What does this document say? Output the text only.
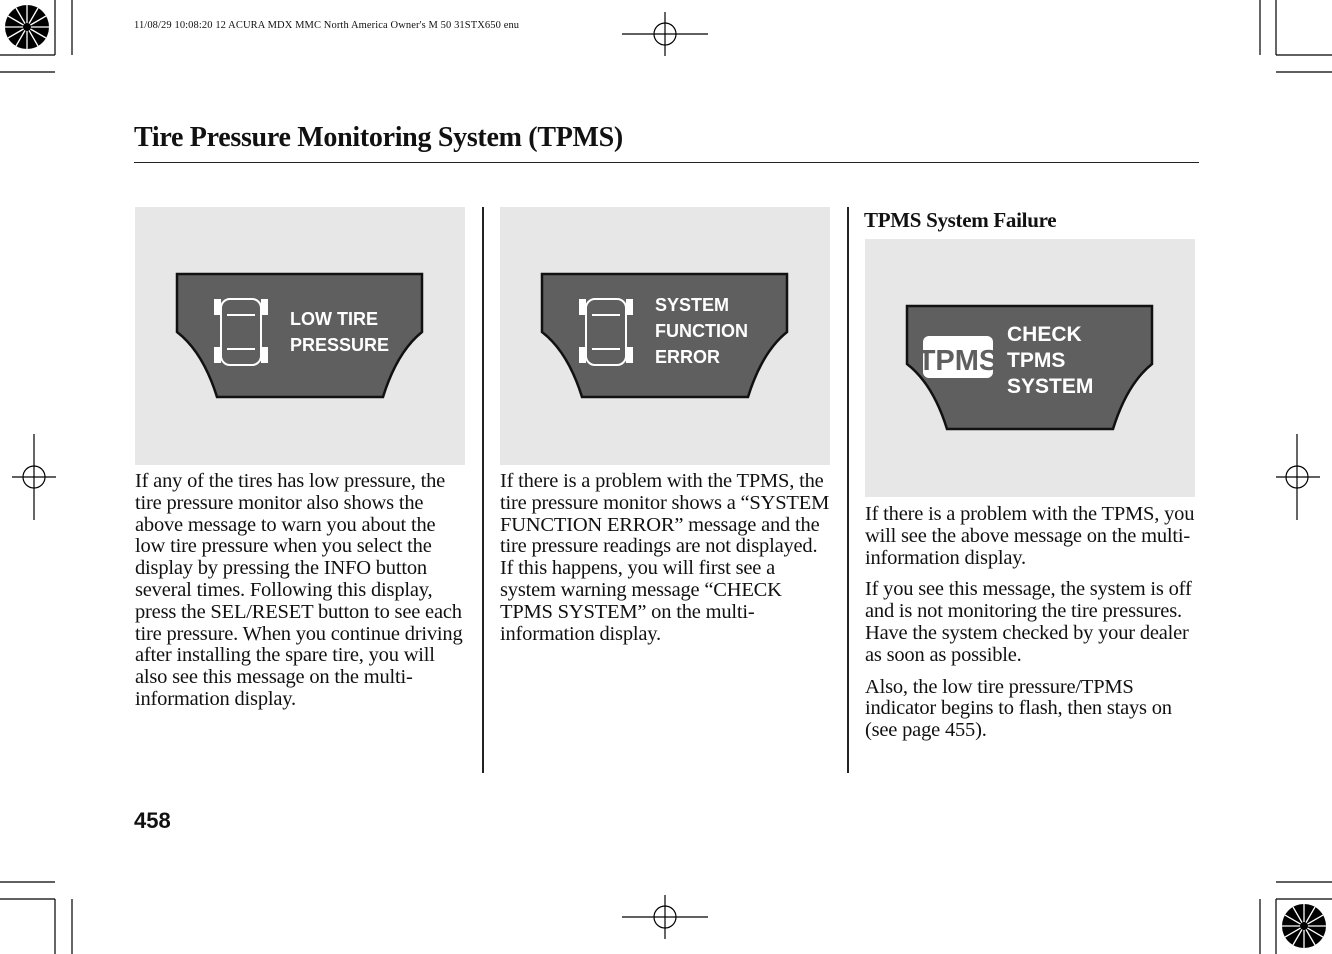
11/08/29 10:08:20 12 ACURA MDX MMC North America Owner's M 50 31STX650 enu
Tire Pressure Monitoring System (TPMS)
LOW TIRE
PRESSURE

If any of the tires has low pressure, the tire pressure monitor also shows the above message to warn you about the low tire pressure when you select the display by pressing the INFO button several times. Following this display, press the SEL/RESET button to see each tire pressure. When you continue driving after installing the spare tire, you will also see this message on the multi-information display.

SYSTEM
FUNCTION
ERROR

If there is a problem with the TPMS, the tire pressure monitor shows a “SYSTEM FUNCTION ERROR” message and the tire pressure readings are not displayed. If this happens, you will first see a system warning message “CHECK TPMS SYSTEM” on the multi-information display.

TPMS System Failure
TPMS
CHECK
TPMS
SYSTEM

If there is a problem with the TPMS, you will see the above message on the multi-information display.

If you see this message, the system is off and is not monitoring the tire pressures. Have the system checked by your dealer as soon as possible.

Also, the low tire pressure/TPMS indicator begins to flash, then stays on (see page 455).

458
